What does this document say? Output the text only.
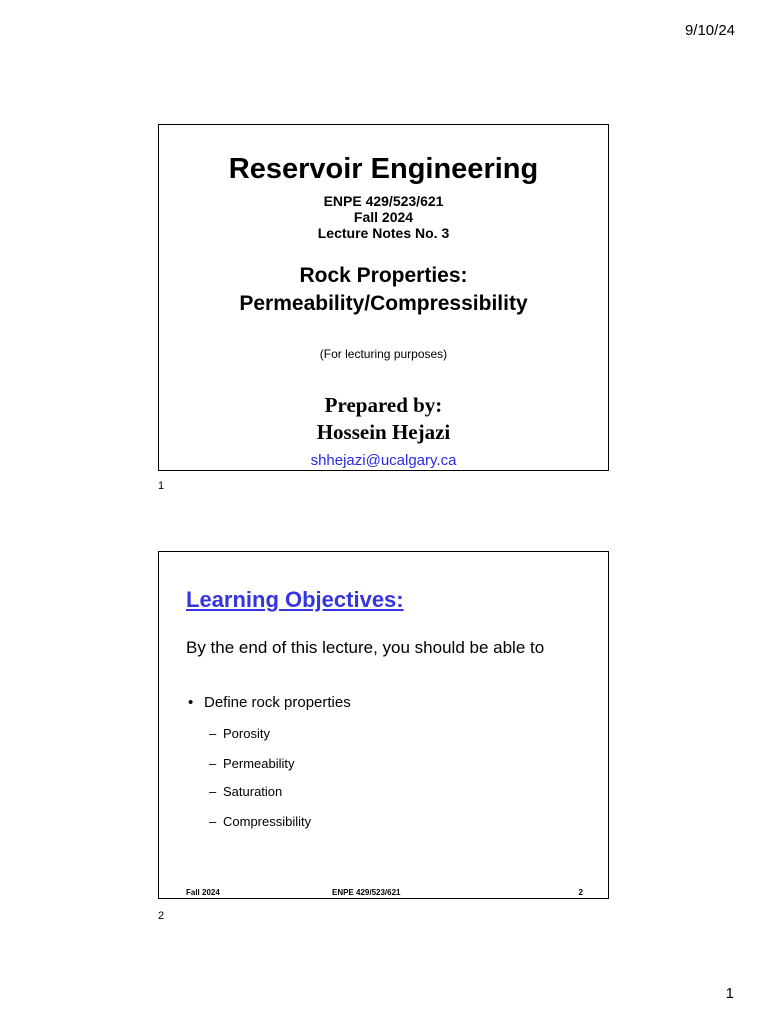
9/10/24
Reservoir Engineering
ENPE 429/523/621
Fall 2024
Lecture Notes No. 3
Rock Properties:
Permeability/Compressibility
(For lecturing purposes)
Prepared by:
Hossein Hejazi
shhejazi@ucalgary.ca
1
Learning Objectives:
By the end of this lecture, you should be able to
• Define rock properties
– Porosity
– Permeability
– Saturation
– Compressibility
Fall 2024	ENPE 429/523/621	2
2
1
